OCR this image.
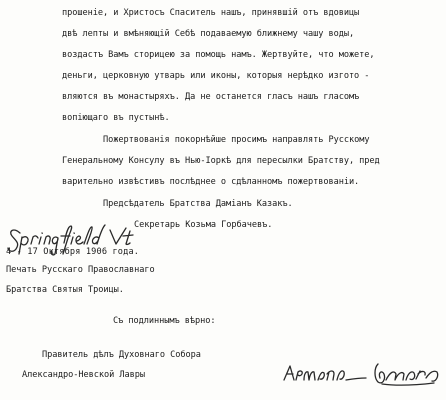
прошеніе, и Христосъ Спаситель нашъ, принявшій отъ вдовицы
двѣ лепты и вмѣняющій Себѣ подаваемую ближнему чашу воды,
воздастъ Вамъ сторицею за помощь намъ. Жертвуйте, что можете,
деньги, церковную утварь или иконы, которыя нерѣдко изгото -
вляются въ монастыряхъ. Да не останется гласъ нашъ гласомъ
вопіющаго въ пустынѣ.
Пожертвованія покорнѣйше просимъ направлять Русскому
Генеральному Консулу въ Нью-Іоркѣ для пересылки Братству, пред
варительно извѣстивъ послѣднее о сдѣланномъ пожертвованіи.
Предсѣдатель Братства Даміанъ Казакъ.
Секретарь Козьма Горбачевъ.
4 - 17 Октября 1906 года.
Печать Русскаго Православнаго
Братства Святыя Троицы.
Съ подлиннымъ вѣрно:
Правитель дѣлъ Духовнаго Собора
Александро-Невской Лавры
